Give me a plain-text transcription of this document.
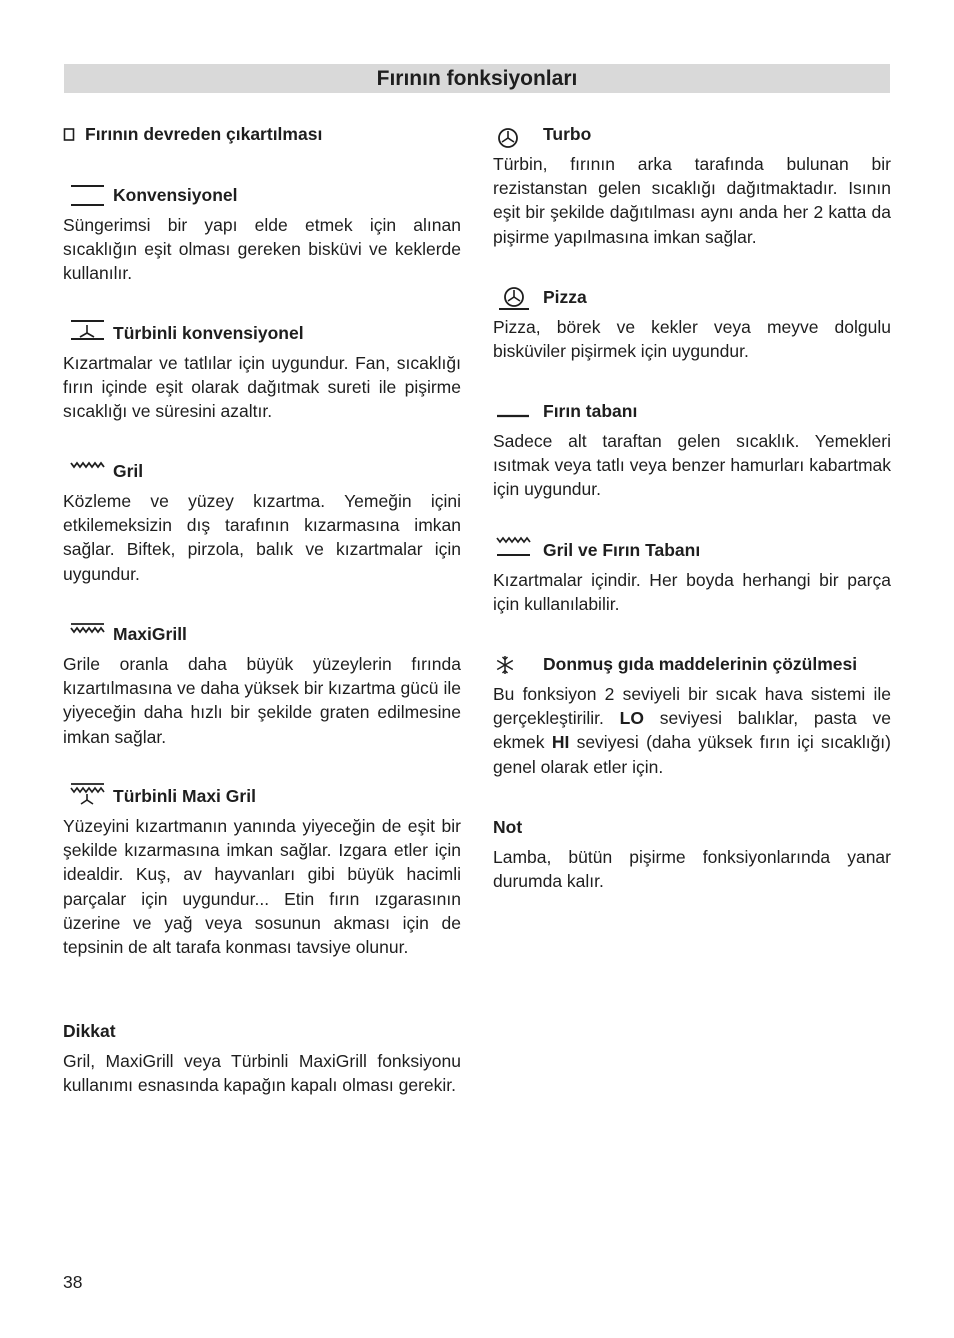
Fırının fonksiyonları
Fırının devreden çıkartılması
Konvensiyonel
Süngerimsi bir yapı elde etmek için alınan sıcaklığın eşit olması gereken bisküvi ve keklerde kullanılır.
Türbinli konvensiyonel
Kızartmalar ve tatlılar için uygundur. Fan, sıcaklığı fırın içinde eşit olarak dağıtmak sureti ile pişirme sıcaklığı ve süresini azaltır.
Gril
Közleme ve yüzey kızartma. Yemeğin içini etkilemeksizin dış tarafının kızarmasına imkan sağlar. Biftek, pirzola, balık ve kızartmalar için uygundur.
MaxiGrill
Grile oranla daha büyük yüzeylerin fırında kızartılmasına ve daha yüksek bir kızartma gücü ile yiyeceğin daha hızlı bir şekilde graten edilmesine imkan sağlar.
Türbinli Maxi Gril
Yüzeyini kızartmanın yanında yiyeceğin de eşit bir şekilde kızarmasına imkan sağlar. Izgara etler için idealdir. Kuş, av hayvanları gibi büyük hacimli parçalar için uygundur... Etin fırın ızgarasının üzerine ve yağ veya sosunun akması için de tepsinin de alt tarafa konması tavsiye olunur.
Dikkat
Gril, MaxiGrill veya Türbinli MaxiGrill fonksiyonu kullanımı esnasında kapağın kapalı olması gerekir.
Turbo
Türbin, fırının arka tarafında bulunan bir rezistanstan gelen sıcaklığı dağıtmaktadır. Isının eşit bir şekilde dağıtılması aynı anda her 2 katta da pişirme yapılmasına imkan sağlar.
Pizza
Pizza, börek ve kekler veya meyve dolgulu bisküviler pişirmek için uygundur.
Fırın tabanı
Sadece alt taraftan gelen sıcaklık. Yemekleri ısıtmak veya tatlı veya benzer hamurları kabartmak için uygundur.
Gril ve Fırın Tabanı
Kızartmalar içindir. Her boyda herhangi bir parça için kullanılabilir.
Donmuş gıda maddelerinin çözülmesi
Bu fonksiyon 2 seviyeli bir sıcak hava sistemi ile gerçekleştirilir. LO seviyesi balıklar, pasta ve ekmek HI seviyesi (daha yüksek fırın içi sıcaklığı) genel olarak etler için.
Not
Lamba, bütün pişirme fonksiyonlarında yanar durumda kalır.
38
